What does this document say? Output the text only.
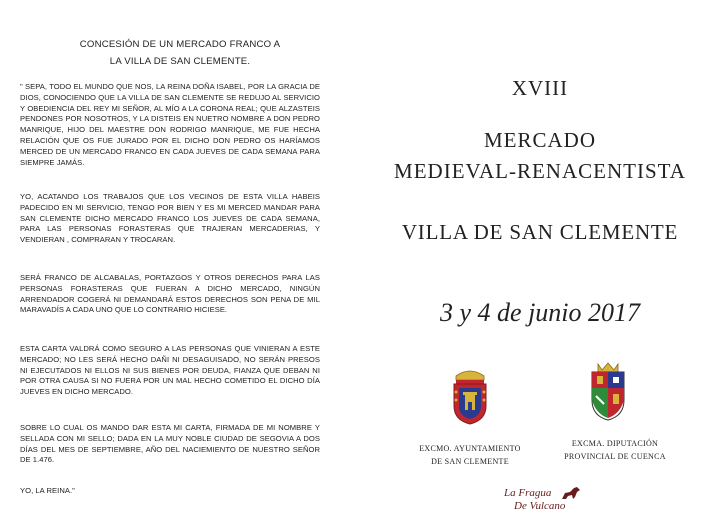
CONCESIÓN DE UN MERCADO FRANCO A
LA VILLA DE SAN CLEMENTE.
" SEPA, TODO EL MUNDO QUE NOS, LA REINA DOÑA ISABEL, POR LA GRACIA DE DIOS, CONOCIENDO QUE LA VILLA DE SAN CLEMENTE SE REDUJO AL SERVICIO Y OBEDIENCIA DEL REY MI SEÑOR, AL MÍO A LA CORONA REAL; QUE ALZASTEIS PENDONES POR NOSOTROS, Y LA DISTEIS EN NUETRO NOMBRE A DON PEDRO MANRIQUE, HIJO DEL MAESTRE DON RODRIGO MANRIQUE, ME FUE HECHA RELACIÓN QUE OS FUE JURADO POR EL DICHO DON PEDRO OS HARÍAMOS MERCED DE UN MERCADO FRANCO EN CADA JUEVES DE CADA SEMANA PARA SIEMPRE JAMÁS.
YO, ACATANDO LOS TRABAJOS QUE LOS VECINOS DE ESTA VILLA HABEIS PADECIDO EN MI SERVICIO, TENGO POR BIEN Y ES MI MERCED MANDAR PARA SAN CLEMENTE DICHO MERCADO FRANCO LOS JUEVES DE CADA SEMANA, PARA LAS PERSONAS FORASTERAS QUE TRAJERAN MERCADERIAS, Y VENDIERAN , COMPRARAN Y TROCARAN.
SERÁ FRANCO DE ALCABALAS, PORTAZGOS Y OTROS DERECHOS PARA LAS PERSONAS FORASTERAS QUE FUERAN A DICHO MERCADO, NINGÚN ARRENDADOR COGERÁ NI DEMANDARÁ ESTOS DERECHOS SON PENA DE MIL MARAVADÍS A CADA UNO QUE LO CONTRARIO HICIESE.
ESTA CARTA VALDRÁ COMO SEGURO A LAS PERSONAS QUE VINIERAN A ESTE MERCADO; NO LES SERÁ HECHO DAÑI NI DESAGUISADO, NO SERÁN PRESOS NI EJECUTADOS NI ELLOS NI SUS BIENES POR DEUDA, FIANZA QUE DEBAN NI POR OTRA CAUSA SI NO FUERA POR UN MAL HECHO COMETIDO EL DICHO DÍA JUEVES EN DICHO MERCADO.
SOBRE LO CUAL OS MANDO DAR ESTA MI CARTA, FIRMADA DE MI NOMBRE Y SELLADA CON MI SELLO; DADA EN LA MUY NOBLE CIUDAD DE SEGOVIA A DOS DÍAS DEL MES DE SEPTIEMBRE, AÑO DEL NACIEMIENTO DE NUESTRO SEÑOR DE 1.476.
YO, LA REINA."
XVIII
MERCADO
MEDIEVAL-RENACENTISTA
VILLA DE SAN CLEMENTE
3 y 4 de junio 2017
EXCMO. AYUNTAMIENTO
DE SAN CLEMENTE
EXCMA. DIPUTACIÓN
PROVINCIAL DE CUENCA
La Fragua
De Vulcano
